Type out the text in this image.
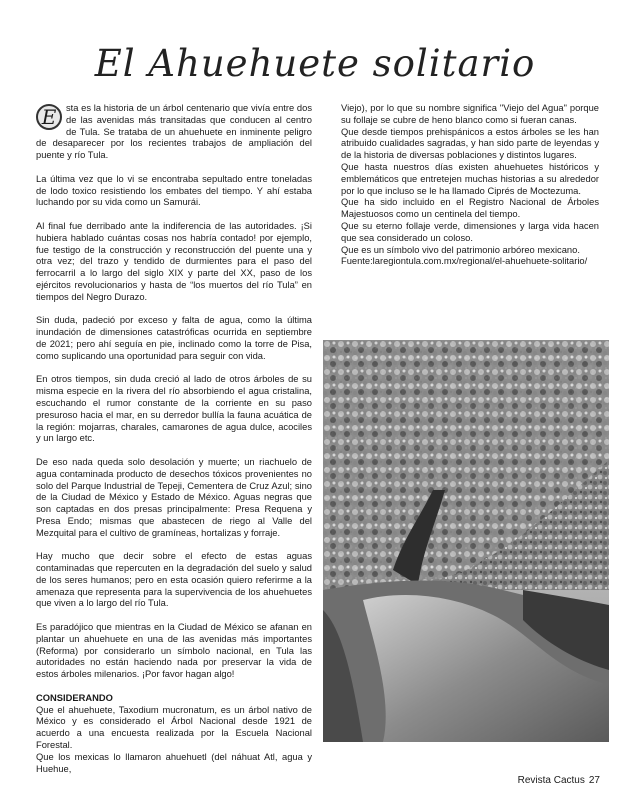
El Ahuehuete solitario

E	sta es la historia de un árbol centenario que vivía entre dos de las avenidas más transitadas que conducen al centro de Tula. Se trataba de un ahuehuete en inminente peligro de desaparecer por los recientes trabajos de ampliación del puente y río Tula.

La última vez que lo vi se encontraba sepultado entre toneladas de lodo toxico resistiendo los embates del tiempo. Y ahí estaba luchando por su vida como un Samurái.

Al final fue derribado ante la indiferencia de las autoridades. ¡Si hubiera hablado cuántas cosas nos habría contado! por ejemplo, fue testigo de la construcción y reconstrucción del puente una y otra vez; del trazo y tendido de durmientes para el paso del ferrocarril a lo largo del siglo XIX y parte del XX, paso de los ejércitos revolucionarios y hasta de “los muertos del río Tula” en tiempos del Negro Durazo.

Sin duda, padeció por exceso y falta de agua, como la última inundación de dimensiones catastróficas ocurrida en septiembre de 2021; pero ahí seguía en pie, inclinado como la torre de Pisa, como suplicando una oportunidad para seguir con vida.

En otros tiempos, sin duda creció al lado de otros árboles de su misma especie en la rivera del río absorbiendo el agua cristalina, escuchando el rumor constante de la corriente en su paso presuroso hacia el mar, en su derredor bullía la fauna acuática de la región: mojarras, charales, camarones de agua dulce, acociles y un largo etc.

De eso nada queda solo desolación y muerte; un riachuelo de agua contaminada producto de desechos tóxicos provenientes no solo del Parque Industrial de Tepeji, Cementera de Cruz Azul; sino de la Ciudad de México y Estado de México. Aguas negras que son captadas en dos presas principalmente: Presa Requena y Presa Endo; mismas que abastecen de riego al Valle del Mezquital para el cultivo de gramíneas, hortalizas y forraje.

Hay mucho que decir sobre el efecto de estas aguas contaminadas que repercuten en la degradación del suelo y salud de los seres humanos; pero en esta ocasión quiero referirme a la amenaza que representa para la supervivencia de los ahuehuetes que viven a lo largo del río Tula.

Es paradójico que mientras en la Ciudad de México se afanan en plantar un ahuehuete en una de las avenidas más importantes (Reforma) por considerarlo un símbolo nacional, en Tula las autoridades no están haciendo nada por preservar la vida de estos árboles milenarios. ¡Por favor hagan algo!

CONSIDERANDO

Que el ahuehuete, Taxodium mucronatum, es un árbol nativo de México y es considerado el Árbol Nacional desde 1921 de acuerdo a una encuesta realizada por la Escuela Nacional Forestal.

Que los mexicas lo llamaron ahuehuetl (del náhuat Atl, agua y Huehue,

Viejo), por lo que su nombre significa "Viejo del Agua" porque su follaje se cubre de heno blanco como si fueran canas.

Que desde tiempos prehispánicos a estos árboles se les han atribuido cualidades sagradas, y han sido parte de leyendas y de la historia de diversas poblaciones y distintos lugares.

Que hasta nuestros días existen ahuehuetes históricos y emblemáticos que entretejen muchas historias a su alrededor por lo que incluso se le ha llamado Ciprés de Moctezuma.

Que ha sido incluido en el Registro Nacional de Árboles Majestuosos como un centinela del tiempo.

Que su eterno follaje verde, dimensiones y larga vida hacen que sea considerado un coloso.

Que es un símbolo vivo del patrimonio arbóreo mexicano.

Fuente:laregiontula.com.mx/regional/el-ahuehuete-solitario/

Revista Cactus 27
